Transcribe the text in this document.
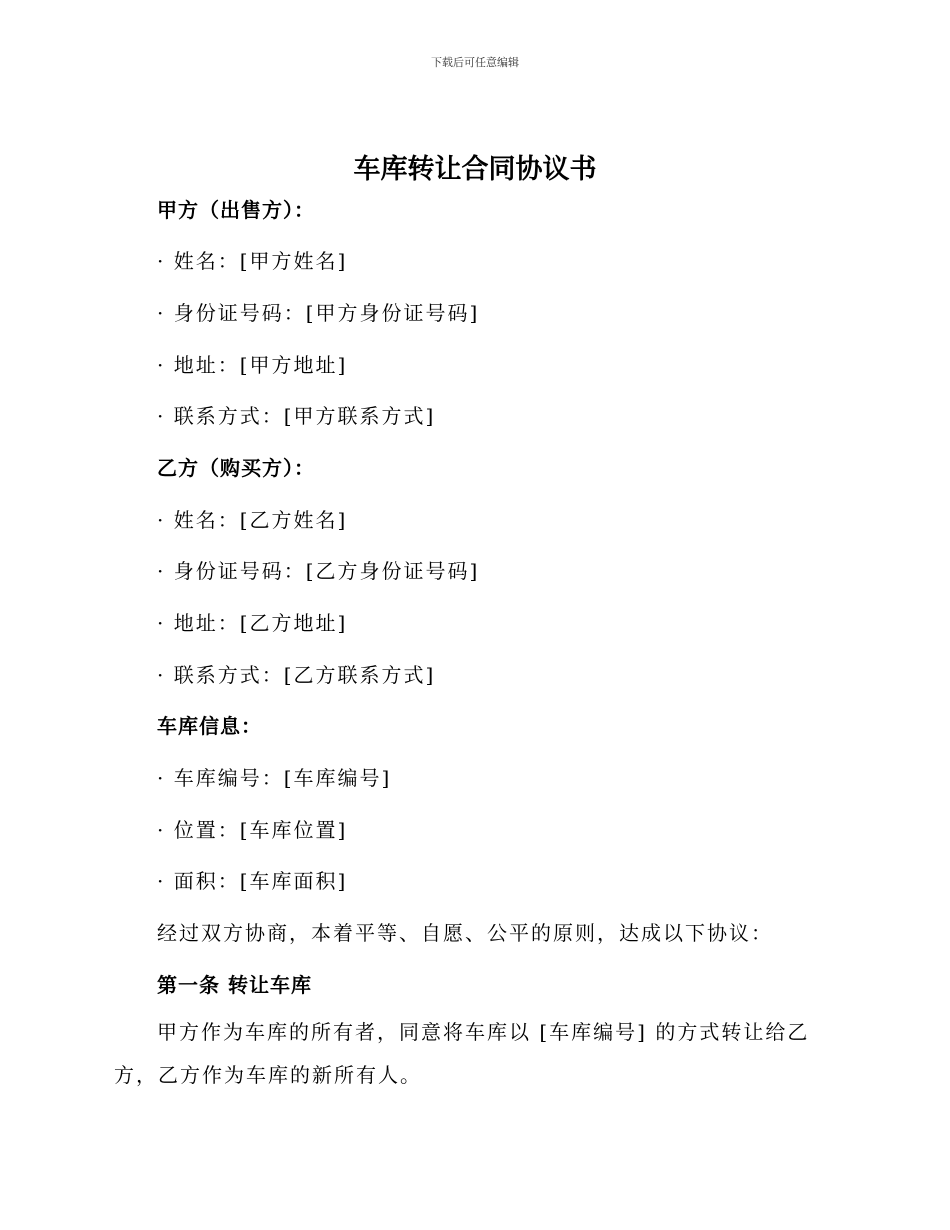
下载后可任意编辑
车库转让合同协议书
甲方（出售方）：
· 姓名：[甲方姓名]
· 身份证号码：[甲方身份证号码]
· 地址：[甲方地址]
· 联系方式：[甲方联系方式]
乙方（购买方）：
· 姓名：[乙方姓名]
· 身份证号码：[乙方身份证号码]
· 地址：[乙方地址]
· 联系方式：[乙方联系方式]
车库信息：
· 车库编号：[车库编号]
· 位置：[车库位置]
· 面积：[车库面积]
经过双方协商，本着平等、自愿、公平的原则，达成以下协议：
第一条 转让车库
甲方作为车库的所有者，同意将车库以 [车库编号] 的方式转让给乙方，乙方作为车库的新所有人。
